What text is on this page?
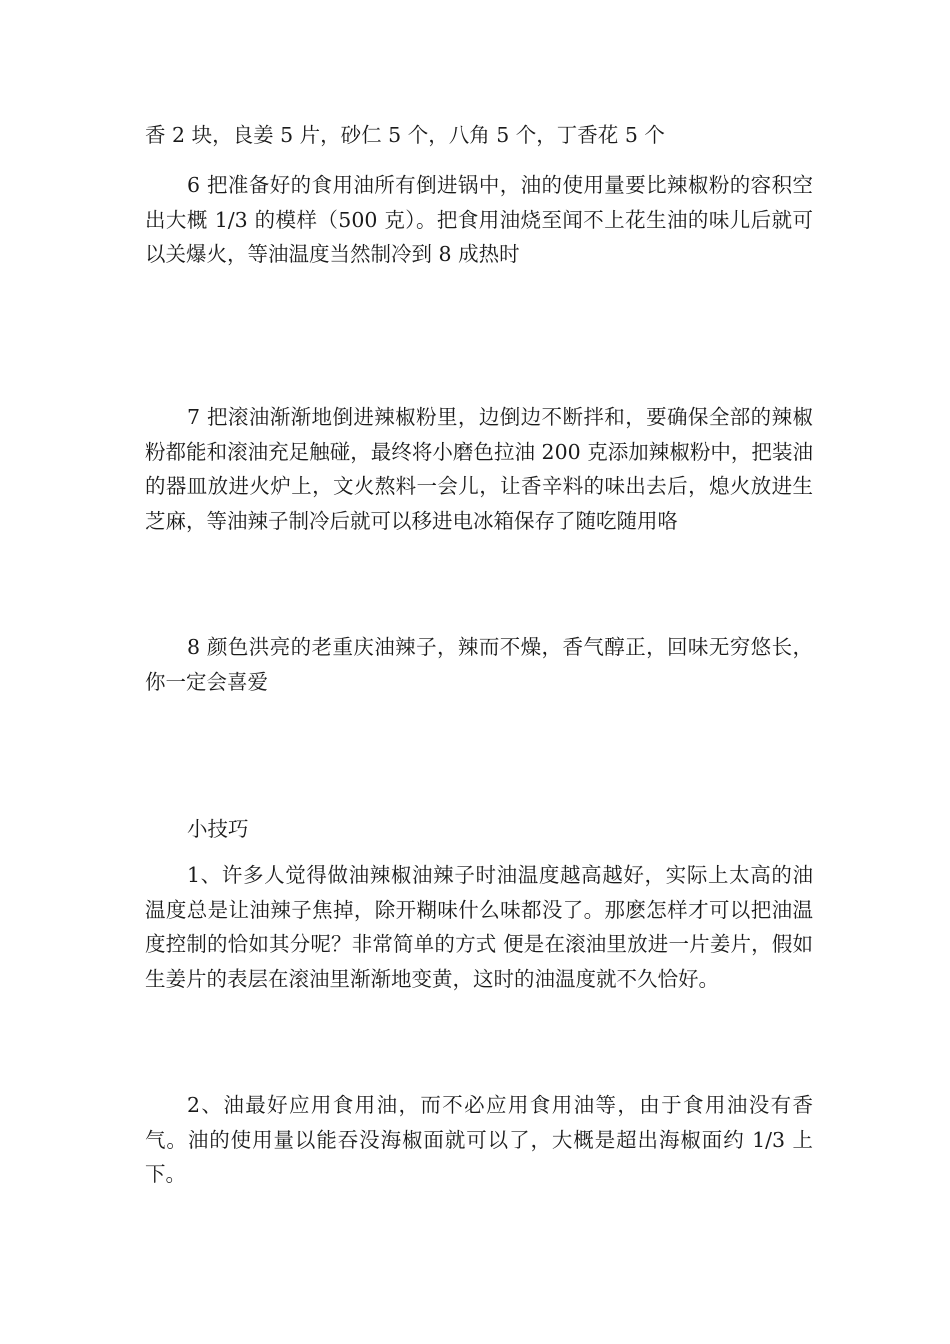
香 2 块，良姜 5 片，砂仁 5 个，八角 5 个，丁香花 5 个

6 把准备好的食用油所有倒进锅中，油的使用量要比辣椒粉的容积空出大概 1/3 的模样（500 克）。把食用油烧至闻不上花生油的味儿后就可以关爆火，等油温度当然制冷到 8 成热时

7 把滚油渐渐地倒进辣椒粉里，边倒边不断拌和，要确保全部的辣椒粉都能和滚油充足触碰，最终将小磨色拉油 200 克添加辣椒粉中，把装油的器皿放进火炉上，文火熬料一会儿，让香辛料的味出去后，熄火放进生芝麻，等油辣子制冷后就可以移进电冰箱保存了随吃随用咯

8 颜色洪亮的老重庆油辣子，辣而不燥，香气醇正，回味无穷悠长，你一定会喜爱

小技巧

1、许多人觉得做油辣椒油辣子时油温度越高越好，实际上太高的油温度总是让油辣子焦掉，除开糊味什么味都没了。那麽怎样才可以把油温度控制的恰如其分呢？非常简单的方式 便是在滚油里放进一片姜片，假如生姜片的表层在滚油里渐渐地变黄，这时的油温度就不久恰好。

2、油最好应用食用油，而不必应用食用油等，由于食用油没有香气。油的使用量以能吞没海椒面就可以了，大概是超出海椒面约 1/3 上下。
